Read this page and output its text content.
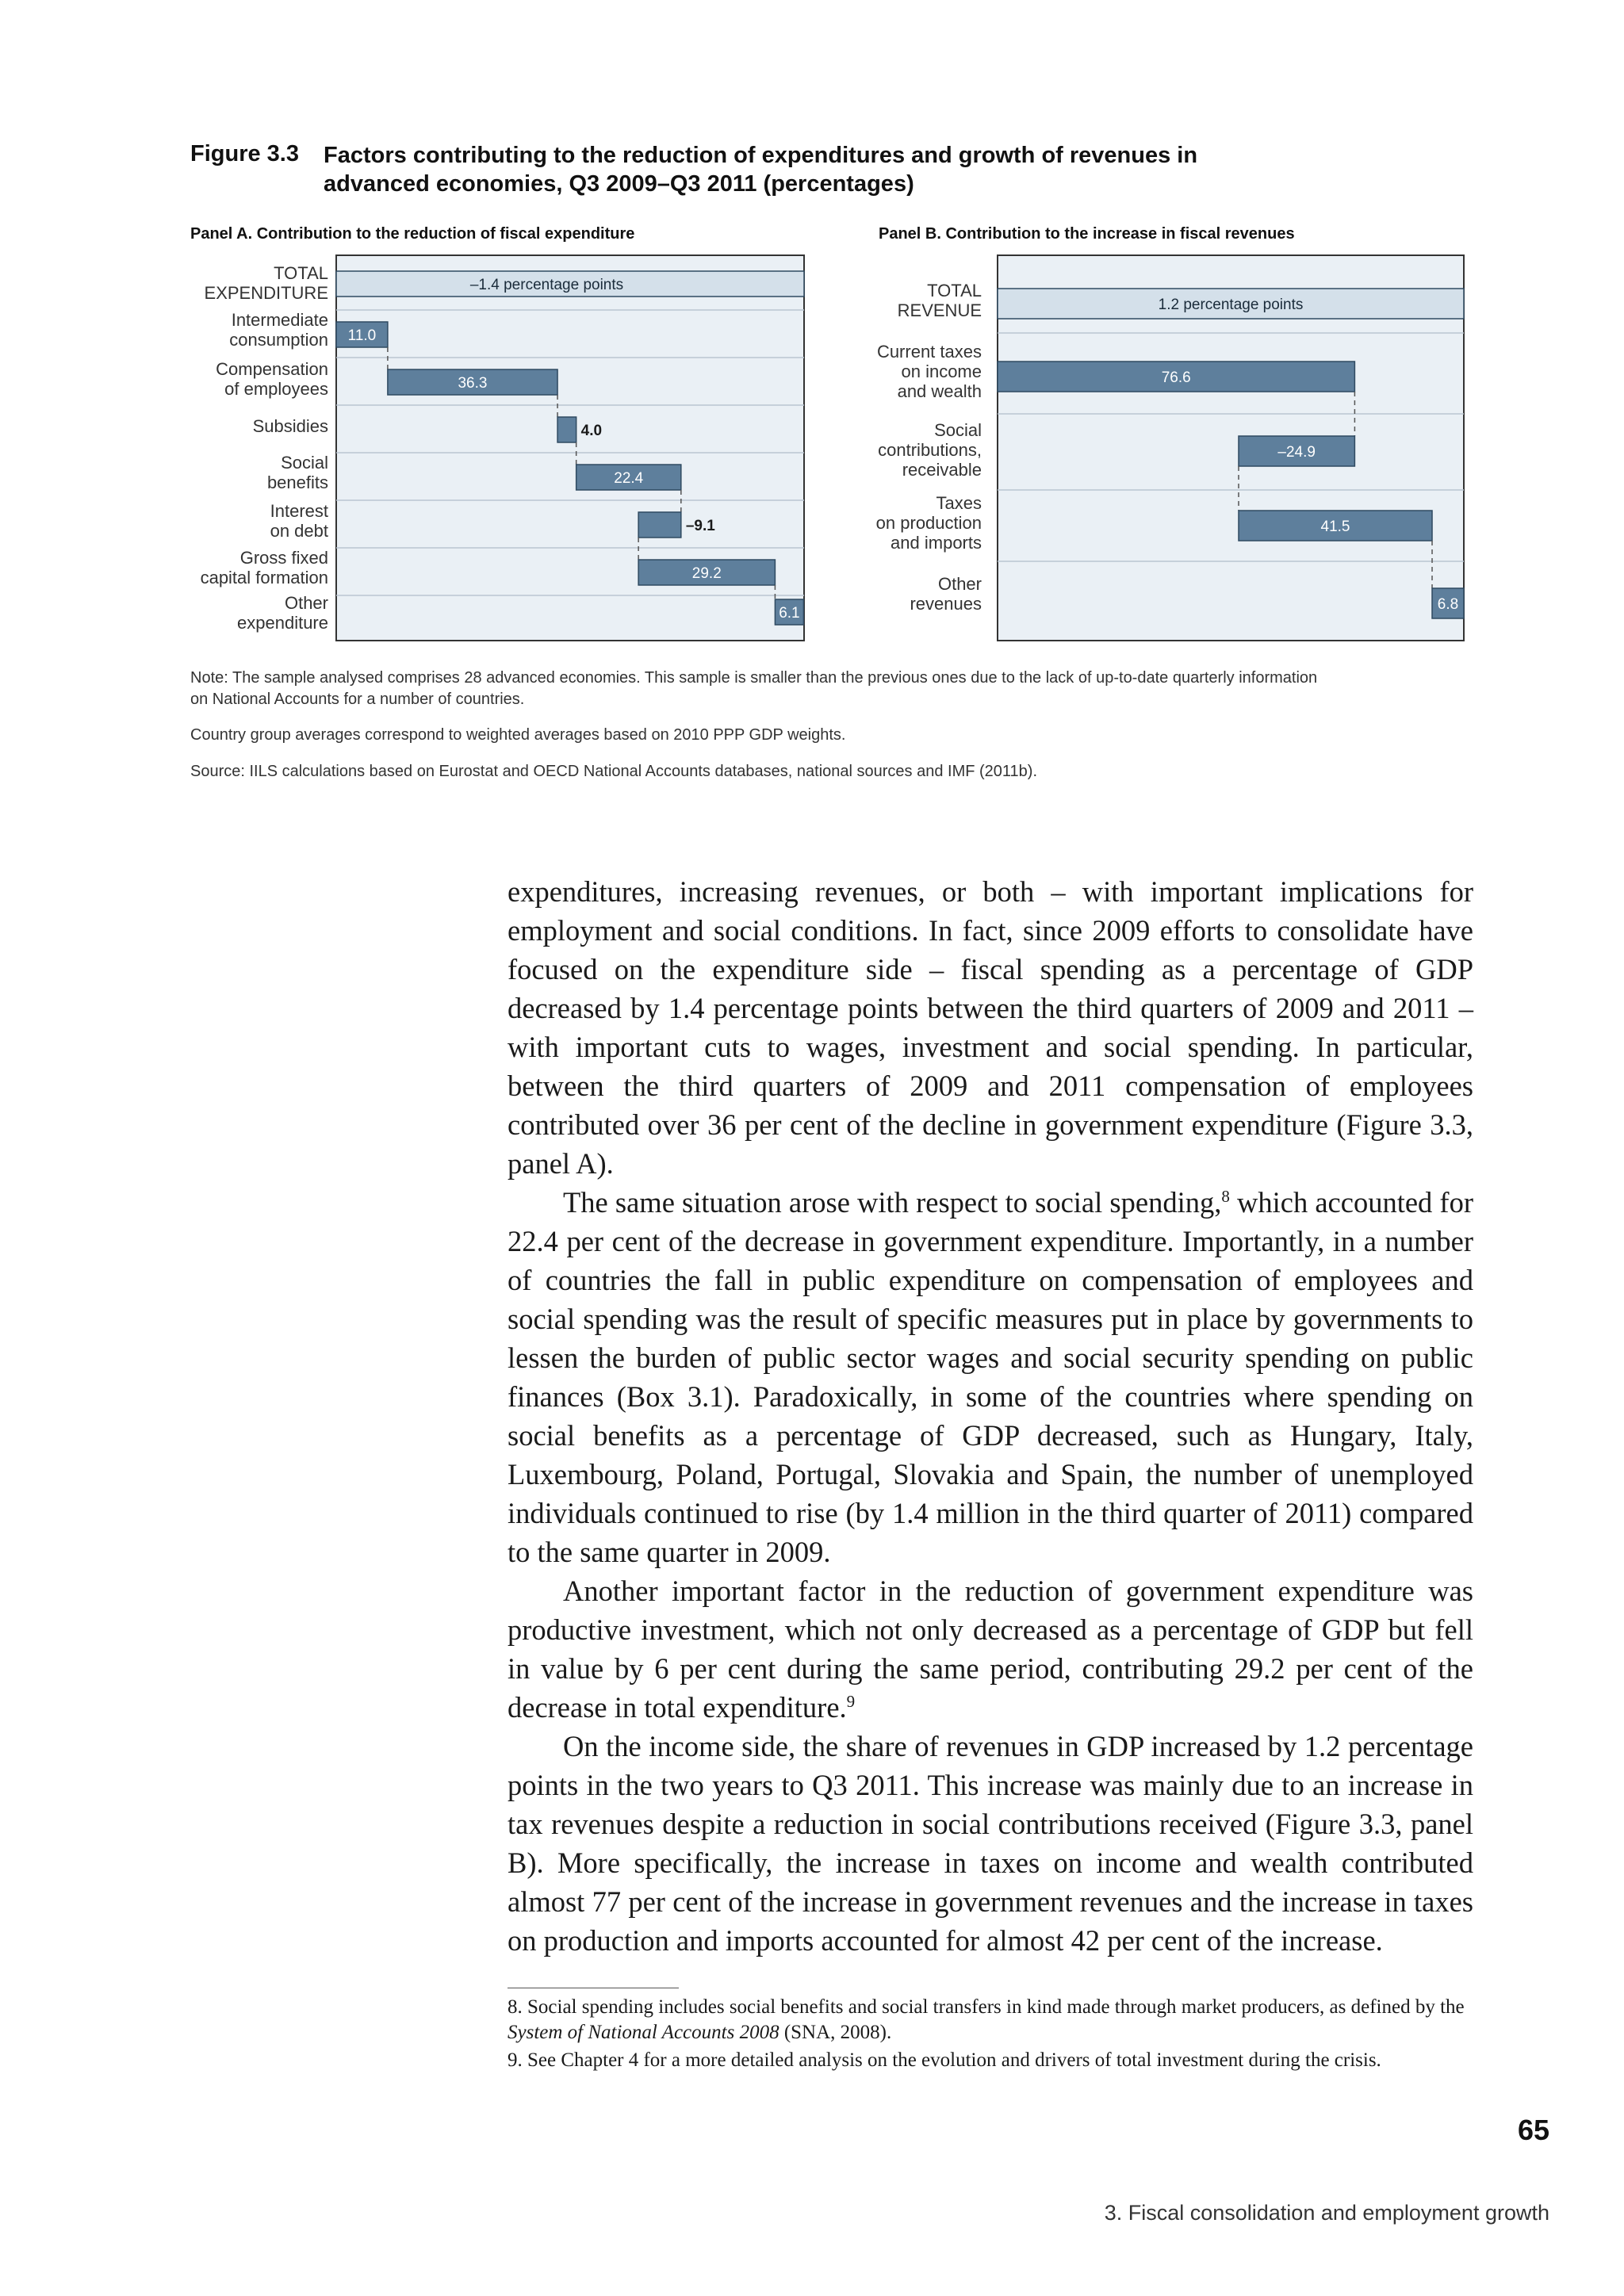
Figure 3.3 Factors contributing to the reduction of expenditures and growth of revenues in advanced economies, Q3 2009–Q3 2011 (percentages)
Panel A. Contribution to the reduction of fiscal expenditure
–1.4 percentage points
TOTAL
EXPENDITURE
11.0
Intermediate
consumption
36.3
Compensation
of employees
4.0
Subsidies
22.4
Social
benefits
–9.1
Interest
on debt
29.2
Gross fixed
capital formation
6.1
Other
expenditure
Panel B. Contribution to the increase in fiscal revenues
1.2 percentage points
TOTAL
REVENUE
76.6
Current taxes
on income
and wealth
–24.9
Social
contributions,
receivable
41.5
Taxes
on production
and imports
6.8
Other
revenues
Note: The sample analysed comprises 28 advanced economies. This sample is smaller than the previous ones due to the lack of up-to-date quarterly information on National Accounts for a number of countries.
Country group averages correspond to weighted averages based on 2010 PPP GDP weights.
Source: IILS calculations based on Eurostat and OECD National Accounts databases, national sources and IMF (2011b).

expenditures, increasing revenues, or both – with important implications for employment and social conditions. In fact, since 2009 efforts to consolidate have focused on the expenditure side – fiscal spending as a percentage of GDP decreased by 1.4 percentage points between the third quarters of 2009 and 2011 – with important cuts to wages, investment and social spending. In particular, between the third quarters of 2009 and 2011 compensation of employees contributed over 36 per cent of the decline in government expenditure (Figure 3.3, panel A).

The same situation arose with respect to social spending,$^8$ which accounted for 22.4 per cent of the decrease in government expenditure. Importantly, in a number of countries the fall in public expenditure on compensation of employees and social spending was the result of specific measures put in place by governments to lessen the burden of public sector wages and social security spending on public finances (Box 3.1). Paradoxically, in some of the countries where spending on social benefits as a percentage of GDP decreased, such as Hungary, Italy, Luxembourg, Poland, Portugal, Slovakia and Spain, the number of unemployed individuals continued to rise (by 1.4 million in the third quarter of 2011) compared to the same quarter in 2009.

Another important factor in the reduction of government expenditure was productive investment, which not only decreased as a percentage of GDP but fell in value by 6 per cent during the same period, contributing 29.2 per cent of the decrease in total expenditure.$^9$

On the income side, the share of revenues in GDP increased by 1.2 percentage points in the two years to Q3 2011. This increase was mainly due to an increase in tax revenues despite a reduction in social contributions received (Figure 3.3, panel B). More specifically, the increase in taxes on income and wealth contributed almost 77 per cent of the increase in government revenues and the increase in taxes on production and imports accounted for almost 42 per cent of the increase.

8. Social spending includes social benefits and social transfers in kind made through market producers, as defined by the System of National Accounts 2008 (SNA, 2008).

9. See Chapter 4 for a more detailed analysis on the evolution and drivers of total investment during the crisis.

65
3. Fiscal consolidation and employment growth
